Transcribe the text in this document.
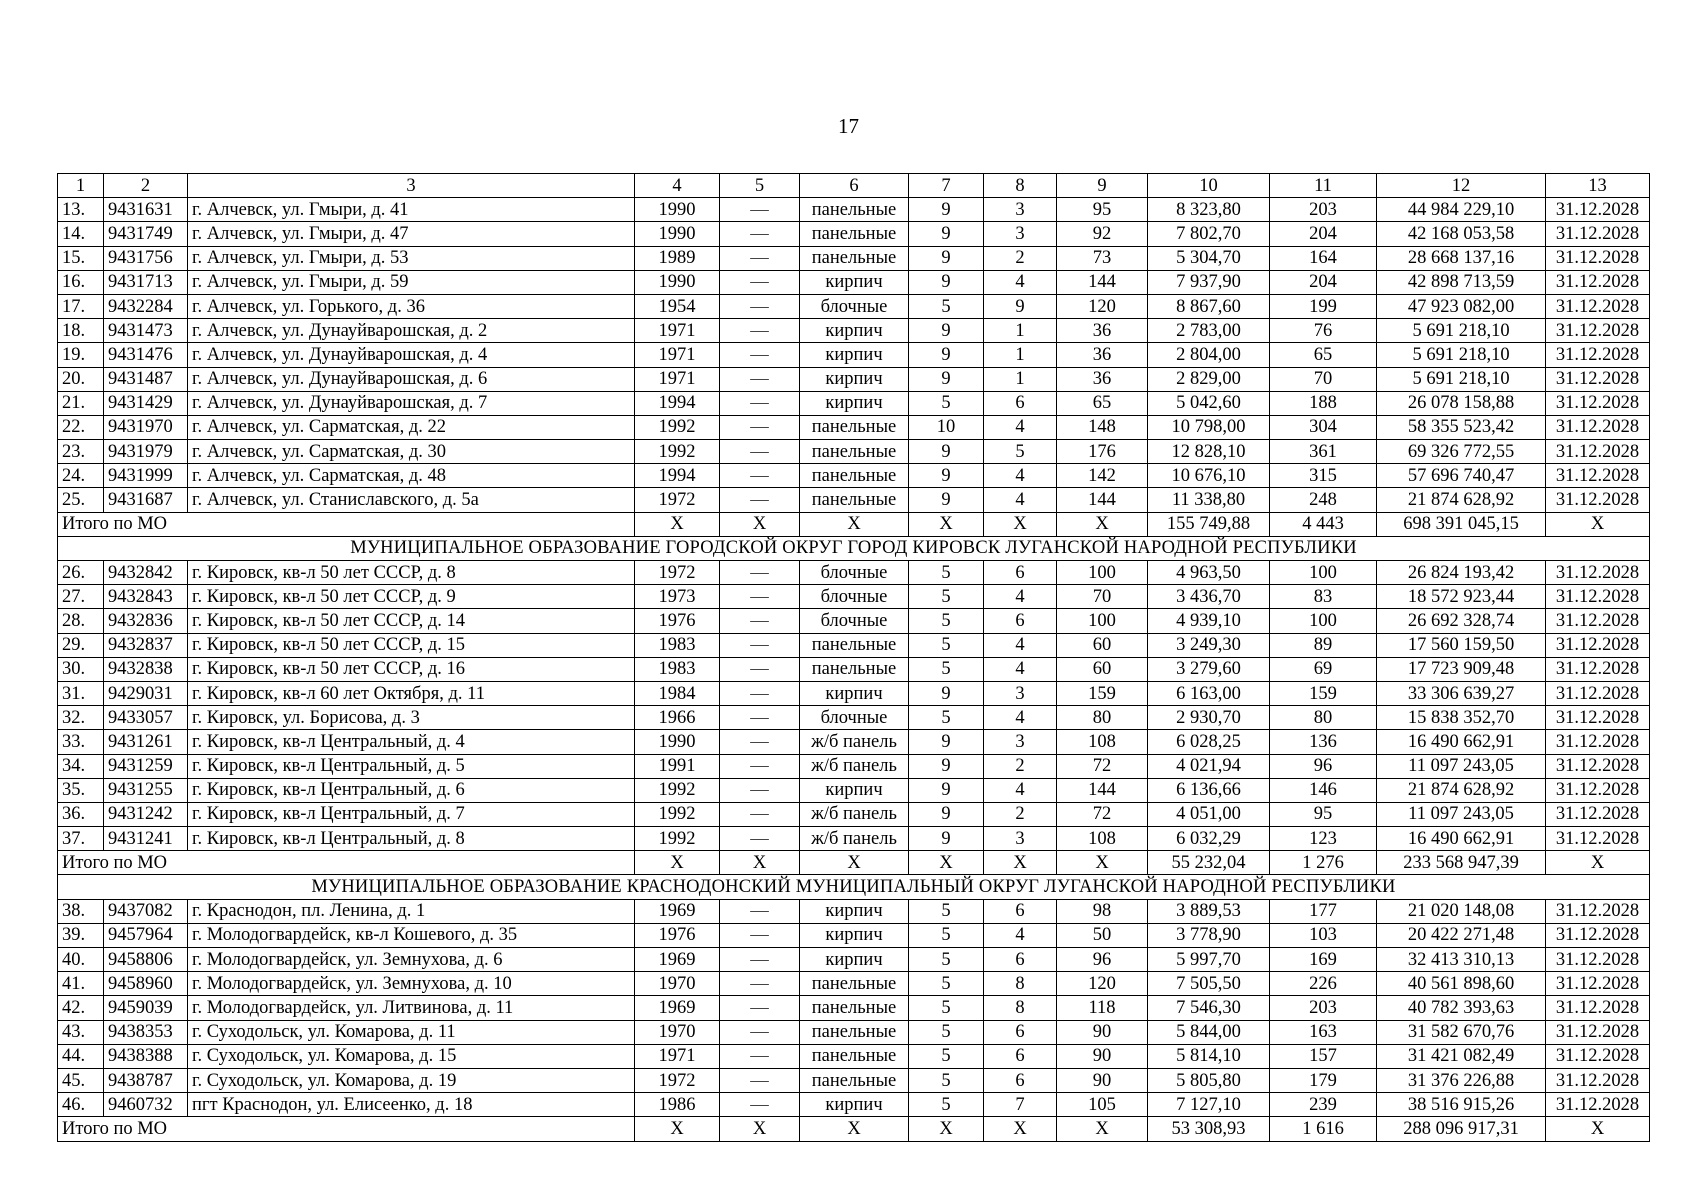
17
1	2	3	4	5	6	7	8	9	10	11	12	13
13.	9431631	г. Алчевск, ул. Гмыри, д. 41	1990	—	панельные	9	3	95	8 323,80	203	44 984 229,10	31.12.2028
14.	9431749	г. Алчевск, ул. Гмыри, д. 47	1990	—	панельные	9	3	92	7 802,70	204	42 168 053,58	31.12.2028
15.	9431756	г. Алчевск, ул. Гмыри, д. 53	1989	—	панельные	9	2	73	5 304,70	164	28 668 137,16	31.12.2028
16.	9431713	г. Алчевск, ул. Гмыри, д. 59	1990	—	кирпич	9	4	144	7 937,90	204	42 898 713,59	31.12.2028
17.	9432284	г. Алчевск, ул. Горького, д. 36	1954	—	блочные	5	9	120	8 867,60	199	47 923 082,00	31.12.2028
18.	9431473	г. Алчевск, ул. Дунауйварошская, д. 2	1971	—	кирпич	9	1	36	2 783,00	76	5 691 218,10	31.12.2028
19.	9431476	г. Алчевск, ул. Дунауйварошская, д. 4	1971	—	кирпич	9	1	36	2 804,00	65	5 691 218,10	31.12.2028
20.	9431487	г. Алчевск, ул. Дунауйварошская, д. 6	1971	—	кирпич	9	1	36	2 829,00	70	5 691 218,10	31.12.2028
21.	9431429	г. Алчевск, ул. Дунауйварошская, д. 7	1994	—	кирпич	5	6	65	5 042,60	188	26 078 158,88	31.12.2028
22.	9431970	г. Алчевск, ул. Сарматская, д. 22	1992	—	панельные	10	4	148	10 798,00	304	58 355 523,42	31.12.2028
23.	9431979	г. Алчевск, ул. Сарматская, д. 30	1992	—	панельные	9	5	176	12 828,10	361	69 326 772,55	31.12.2028
24.	9431999	г. Алчевск, ул. Сарматская, д. 48	1994	—	панельные	9	4	142	10 676,10	315	57 696 740,47	31.12.2028
25.	9431687	г. Алчевск, ул. Станиславского, д. 5а	1972	—	панельные	9	4	144	11 338,80	248	21 874 628,92	31.12.2028
Итого по МО			X	X	X	X	X	X	155 749,88	4 443	698 391 045,15	X
МУНИЦИПАЛЬНОЕ ОБРАЗОВАНИЕ ГОРОДСКОЙ ОКРУГ ГОРОД КИРОВСК ЛУГАНСКОЙ НАРОДНОЙ РЕСПУБЛИКИ												
26.	9432842	г. Кировск, кв-л 50 лет СССР, д. 8	1972	—	блочные	5	6	100	4 963,50	100	26 824 193,42	31.12.2028
27.	9432843	г. Кировск, кв-л 50 лет СССР, д. 9	1973	—	блочные	5	4	70	3 436,70	83	18 572 923,44	31.12.2028
28.	9432836	г. Кировск, кв-л 50 лет СССР, д. 14	1976	—	блочные	5	6	100	4 939,10	100	26 692 328,74	31.12.2028
29.	9432837	г. Кировск, кв-л 50 лет СССР, д. 15	1983	—	панельные	5	4	60	3 249,30	89	17 560 159,50	31.12.2028
30.	9432838	г. Кировск, кв-л 50 лет СССР, д. 16	1983	—	панельные	5	4	60	3 279,60	69	17 723 909,48	31.12.2028
31.	9429031	г. Кировск, кв-л 60 лет Октября, д. 11	1984	—	кирпич	9	3	159	6 163,00	159	33 306 639,27	31.12.2028
32.	9433057	г. Кировск, ул. Борисова, д. 3	1966	—	блочные	5	4	80	2 930,70	80	15 838 352,70	31.12.2028
33.	9431261	г. Кировск, кв-л Центральный, д. 4	1990	—	ж/б панель	9	3	108	6 028,25	136	16 490 662,91	31.12.2028
34.	9431259	г. Кировск, кв-л Центральный, д. 5	1991	—	ж/б панель	9	2	72	4 021,94	96	11 097 243,05	31.12.2028
35.	9431255	г. Кировск, кв-л Центральный, д. 6	1992	—	кирпич	9	4	144	6 136,66	146	21 874 628,92	31.12.2028
36.	9431242	г. Кировск, кв-л Центральный, д. 7	1992	—	ж/б панель	9	2	72	4 051,00	95	11 097 243,05	31.12.2028
37.	9431241	г. Кировск, кв-л Центральный, д. 8	1992	—	ж/б панель	9	3	108	6 032,29	123	16 490 662,91	31.12.2028
Итого по МО			X	X	X	X	X	X	55 232,04	1 276	233 568 947,39	X
МУНИЦИПАЛЬНОЕ ОБРАЗОВАНИЕ КРАСНОДОНСКИЙ МУНИЦИПАЛЬНЫЙ ОКРУГ ЛУГАНСКОЙ НАРОДНОЙ РЕСПУБЛИКИ												
38.	9437082	г. Краснодон, пл. Ленина, д. 1	1969	—	кирпич	5	6	98	3 889,53	177	21 020 148,08	31.12.2028
39.	9457964	г. Молодогвардейск, кв-л Кошевого, д. 35	1976	—	кирпич	5	4	50	3 778,90	103	20 422 271,48	31.12.2028
40.	9458806	г. Молодогвардейск, ул. Земнухова, д. 6	1969	—	кирпич	5	6	96	5 997,70	169	32 413 310,13	31.12.2028
41.	9458960	г. Молодогвардейск, ул. Земнухова, д. 10	1970	—	панельные	5	8	120	7 505,50	226	40 561 898,60	31.12.2028
42.	9459039	г. Молодогвардейск, ул. Литвинова, д. 11	1969	—	панельные	5	8	118	7 546,30	203	40 782 393,63	31.12.2028
43.	9438353	г. Суходольск, ул. Комарова, д. 11	1970	—	панельные	5	6	90	5 844,00	163	31 582 670,76	31.12.2028
44.	9438388	г. Суходольск, ул. Комарова, д. 15	1971	—	панельные	5	6	90	5 814,10	157	31 421 082,49	31.12.2028
45.	9438787	г. Суходольск, ул. Комарова, д. 19	1972	—	панельные	5	6	90	5 805,80	179	31 376 226,88	31.12.2028
46.	9460732	пгт Краснодон, ул. Елисеенко, д. 18	1986	—	кирпич	5	7	105	7 127,10	239	38 516 915,26	31.12.2028
Итого по МО			X	X	X	X	X	X	53 308,93	1 616	288 096 917,31	X
